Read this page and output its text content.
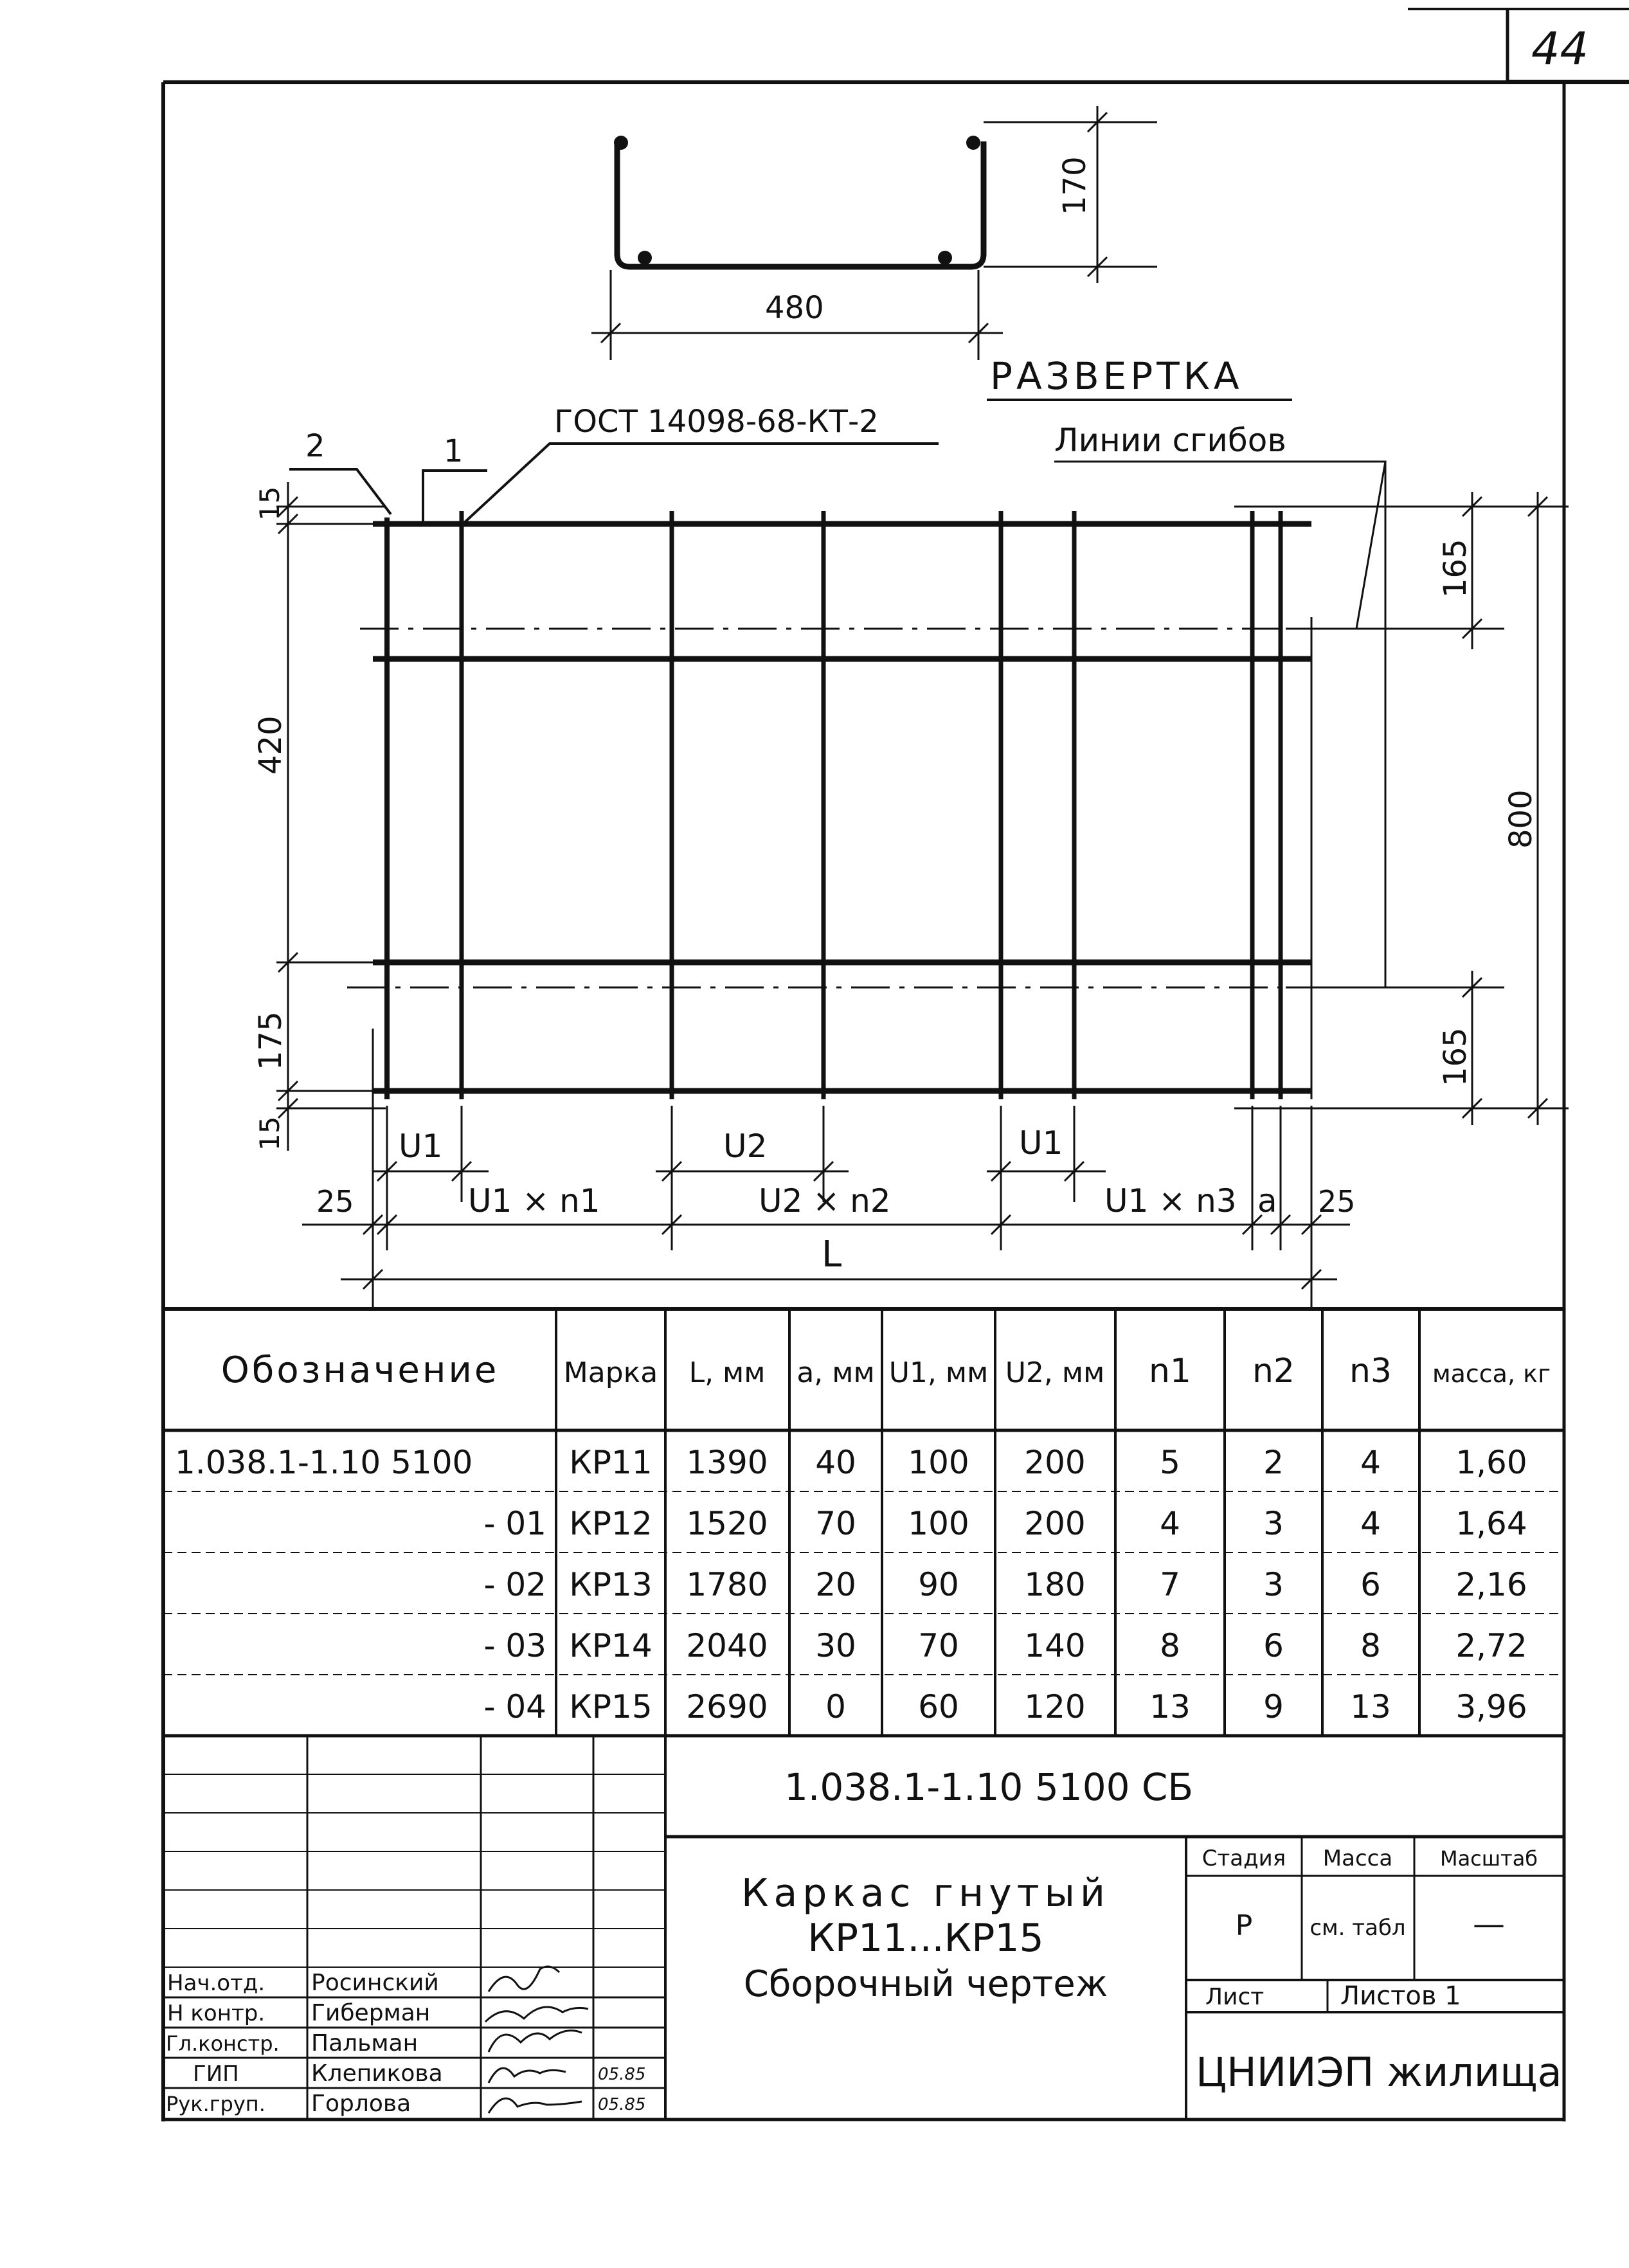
44
480
170
РАЗВЕРТКА
ГОСТ 14098-68-КТ-2
2	1	Линии сгибов
15
420
175
15
165
800
165
U1	U2	U1
25	U1 × n1	U2 × n2	U1 × n3 a 25
L
Обозначение Марка L, мм a, мм U1, мм U2, мм n1 n2 n3 масса, кг
1.038.1-1.10 5100	КР11 1390 40 100 200 5	2 4 1,60
- 01 КР12 1520 70 100 200 4	3 4 1,64
- 02 КР13 1780 20 90 180 7	3 6 2,16
- 03 КР14 2040 30 70 140 8	6 8 2,72
- 04 КР15 2690 0 60 120 13 9 13 3,96
Нач.отд. Росинский
Н контр. Гиберман
Гл.констр. Пальман
ГИП	Клепикова	05.85
Рук.груп. Горлова	05.85
1.038.1-1.10 5100 СБ
Каркас гнутый
КР11...КР15
Сборочный чертеж
Стадия Масса Масштаб
Р	см. табл —
Лист	Листов 1
ЦНИИЭП жилища
